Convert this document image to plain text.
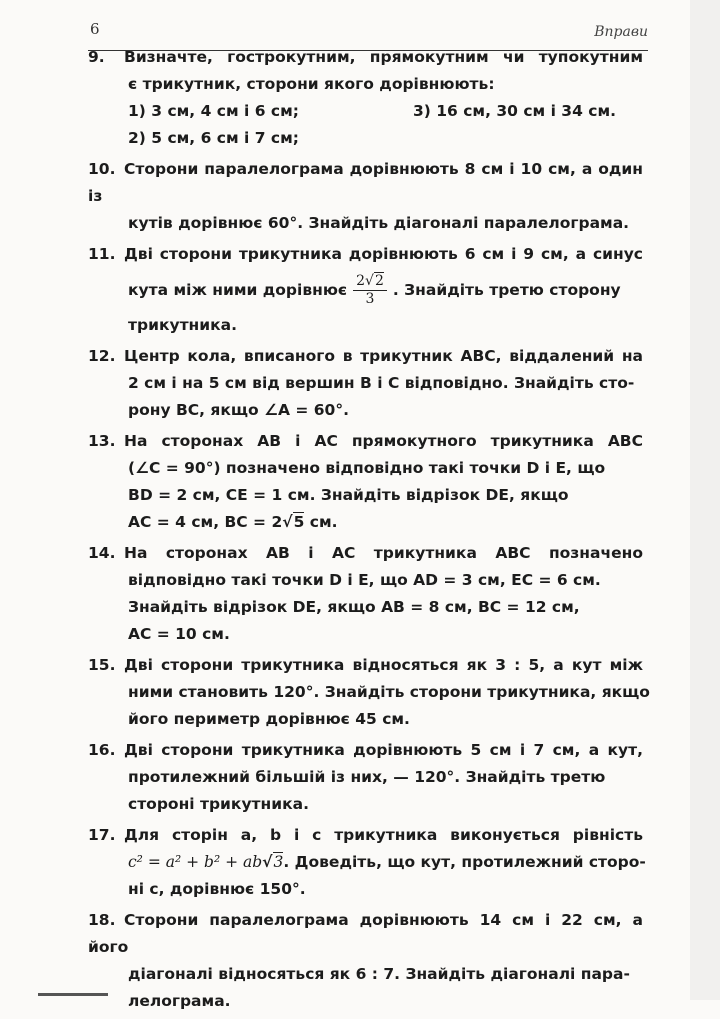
6	Вправи
9. Визначте, гострокутним, прямокутним чи тупокутним
є трикутник, сторони якого дорівнюють:
1) 3 см, 4 см і 6 см;	3) 16 см, 30 см і 34 см.
2) 5 см, 6 см і 7 см;
10. Сторони паралелограма дорівнюють 8 см і 10 см, а один із
кутів дорівнює 60°. Знайдіть діагоналі паралелограма.
11. Дві сторони трикутника дорівнюють 6 см і 9 см, а синус
кута між ними дорівнює $\frac{2√2}{3}$ . Знайдіть третю сторону
трикутника.
12. Центр кола, вписаного в трикутник ABC, віддалений на
2 см і на 5 см від вершин B і C відповідно. Знайдіть сто-
рону BC, якщо ∠A = 60°.
13. На сторонах AB і AC прямокутного трикутника ABC
(∠C = 90°) позначено відповідно такі точки D і E, що
BD = 2 см, CE = 1 см. Знайдіть відрізок DE, якщо
AC = 4 см, BC = 2√5 см.
14. На сторонах AB і AC трикутника ABC позначено
відповідно такі точки D і E, що AD = 3 см, EC = 6 см.
Знайдіть відрізок DE, якщо AB = 8 см, BC = 12 см,
AC = 10 см.
15. Дві сторони трикутника відносяться як 3 : 5, а кут між
ними становить 120°. Знайдіть сторони трикутника, якщо
його периметр дорівнює 45 см.
16. Дві сторони трикутника дорівнюють 5 см і 7 см, а кут,
протилежний більшій із них, — 120°. Знайдіть третю
стороні трикутника.
17. Для сторін a, b і c трикутника виконується рівність
c² = a² + b² + ab√3. Доведіть, що кут, протилежний сторо-
ні c, дорівнює 150°.
18. Сторони паралелограма дорівнюють 14 см і 22 см, а його
діагоналі відносяться як 6 : 7. Знайдіть діагоналі пара-
лелограма.
